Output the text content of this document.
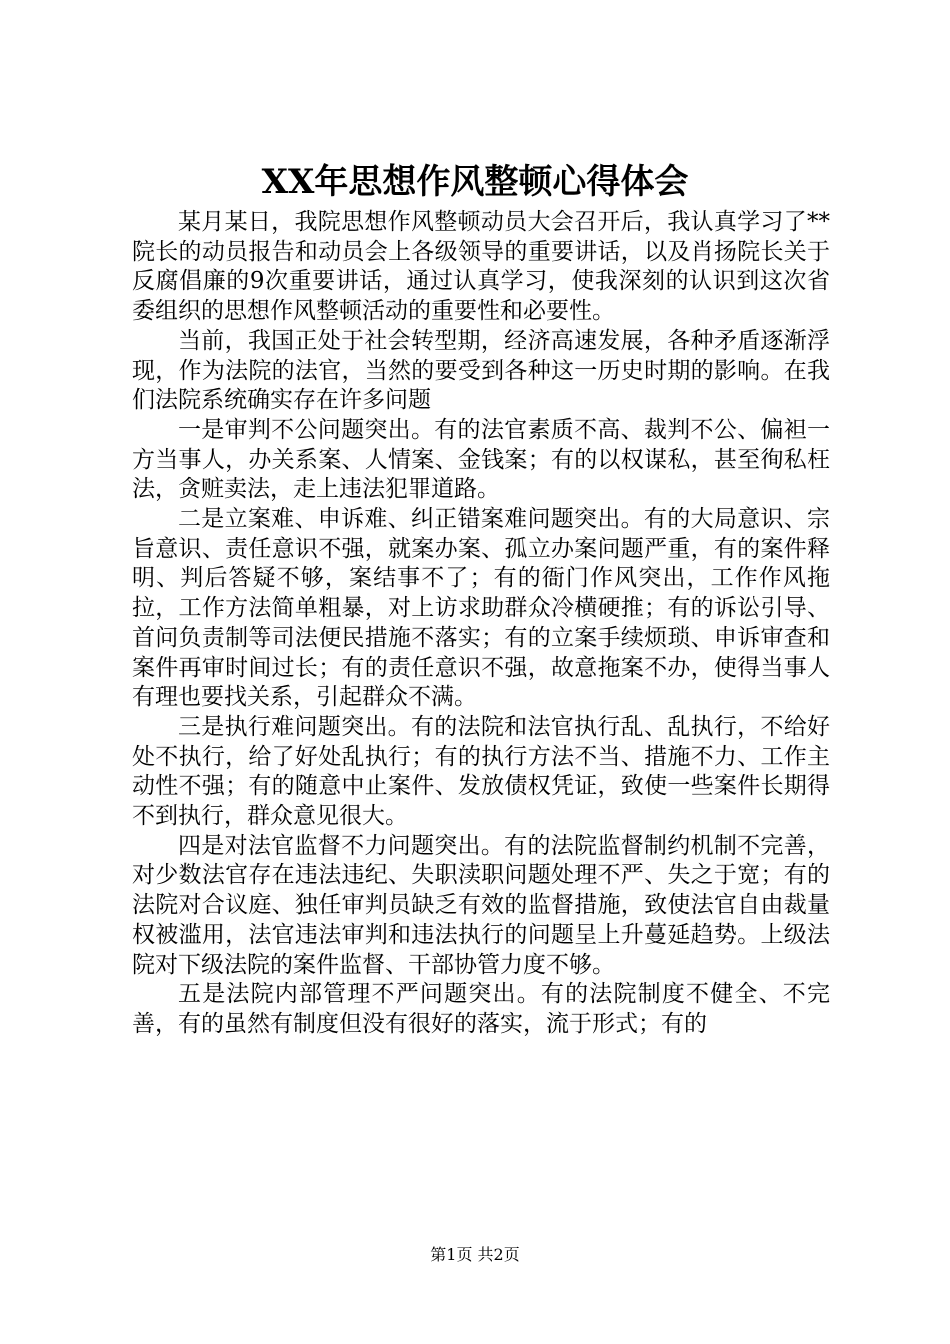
XX年思想作风整顿心得体会

某月某日，我院思想作风整顿动员大会召开后，我认真学习了**院长的动员报告和动员会上各级领导的重要讲话，以及肖扬院长关于反腐倡廉的9次重要讲话，通过认真学习，使我深刻的认识到这次省委组织的思想作风整顿活动的重要性和必要性。

当前，我国正处于社会转型期，经济高速发展，各种矛盾逐渐浮现，作为法院的法官，当然的要受到各种这一历史时期的影响。在我们法院系统确实存在许多问题

一是审判不公问题突出。有的法官素质不高、裁判不公、偏袒一方当事人，办关系案、人情案、金钱案；有的以权谋私，甚至徇私枉法，贪赃卖法，走上违法犯罪道路。

二是立案难、申诉难、纠正错案难问题突出。有的大局意识、宗旨意识、责任意识不强，就案办案、孤立办案问题严重，有的案件释明、判后答疑不够，案结事不了；有的衙门作风突出，工作作风拖拉，工作方法简单粗暴，对上访求助群众冷横硬推；有的诉讼引导、首问负责制等司法便民措施不落实；有的立案手续烦琐、申诉审查和案件再审时间过长；有的责任意识不强，故意拖案不办，使得当事人有理也要找关系，引起群众不满。

三是执行难问题突出。有的法院和法官执行乱、乱执行，不给好处不执行，给了好处乱执行；有的执行方法不当、措施不力、工作主动性不强；有的随意中止案件、发放债权凭证，致使一些案件长期得不到执行，群众意见很大。

四是对法官监督不力问题突出。有的法院监督制约机制不完善，对少数法官存在违法违纪、失职渎职问题处理不严、失之于宽；有的法院对合议庭、独任审判员缺乏有效的监督措施，致使法官自由裁量权被滥用，法官违法审判和违法执行的问题呈上升蔓延趋势。上级法院对下级法院的案件监督、干部协管力度不够。

五是法院内部管理不严问题突出。有的法院制度不健全、不完善，有的虽然有制度但没有很好的落实，流于形式；有的

第1页 共2页
